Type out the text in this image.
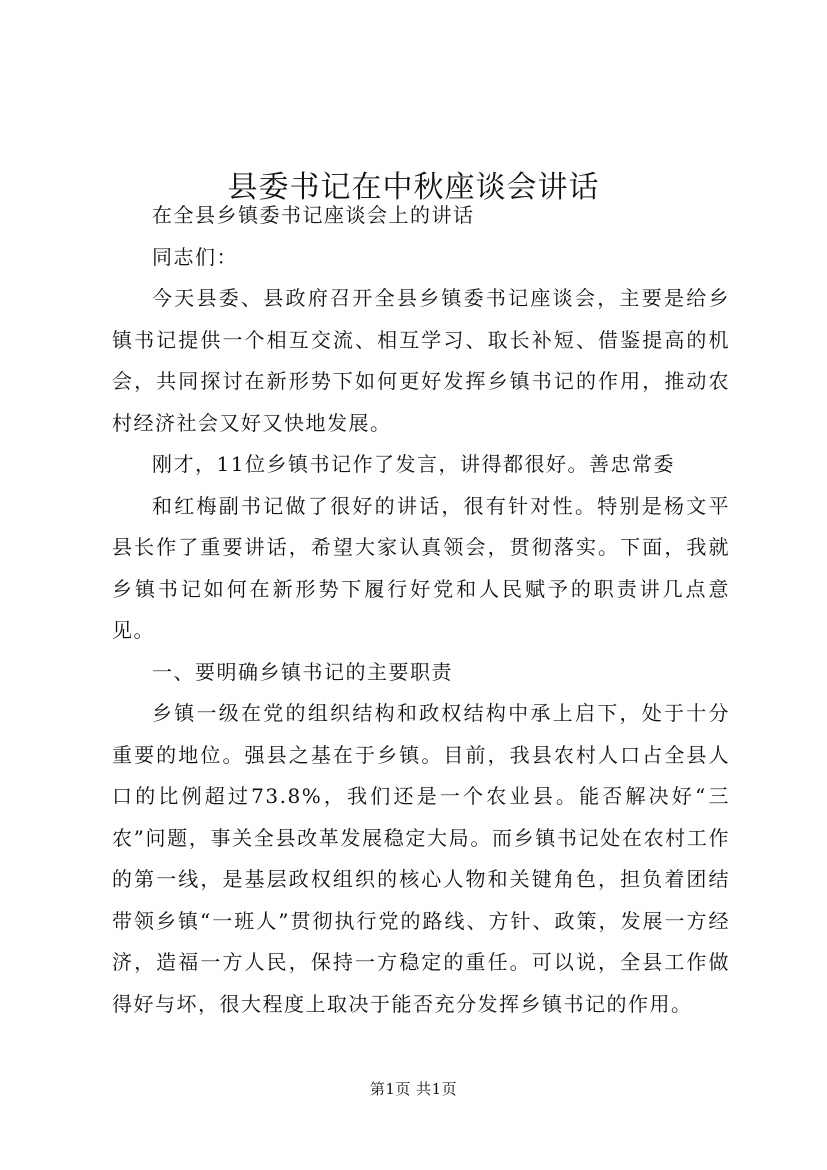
县委书记在中秋座谈会讲话

在全县乡镇委书记座谈会上的讲话

同志们：

今天县委、县政府召开全县乡镇委书记座谈会，主要是给乡镇书记提供一个相互交流、相互学习、取长补短、借鉴提高的机会，共同探讨在新形势下如何更好发挥乡镇书记的作用，推动农村经济社会又好又快地发展。

刚才，11位乡镇书记作了发言，讲得都很好。善忠常委

和红梅副书记做了很好的讲话，很有针对性。特别是杨文平县长作了重要讲话，希望大家认真领会，贯彻落实。下面，我就乡镇书记如何在新形势下履行好党和人民赋予的职责讲几点意见。

一、要明确乡镇书记的主要职责

乡镇一级在党的组织结构和政权结构中承上启下，处于十分重要的地位。强县之基在于乡镇。目前，我县农村人口占全县人口的比例超过73.8%，我们还是一个农业县。能否解决好“三农”问题，事关全县改革发展稳定大局。而乡镇书记处在农村工作的第一线，是基层政权组织的核心人物和关键角色，担负着团结带领乡镇“一班人”贯彻执行党的路线、方针、政策，发展一方经济，造福一方人民，保持一方稳定的重任。可以说，全县工作做得好与坏，很大程度上取决于能否充分发挥乡镇书记的作用。

第1页 共1页
